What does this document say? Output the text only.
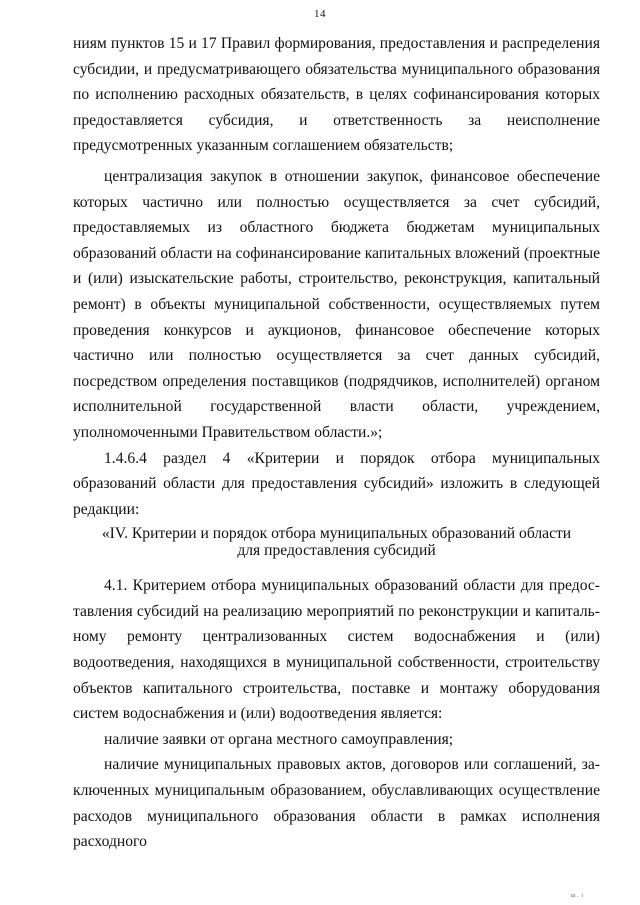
14

ниям пунктов 15 и 17 Правил формирования, предоставления и распределения субсидии, и предусматривающего обязательства муниципального образования по исполнению расходных обязательств, в целях софинансирования которых предоставляется субсидия, и ответственность за неисполнение предусмотренных указанным соглашением обязательств;

централизация закупок в отношении закупок, финансовое обеспечение которых частично или полностью осуществляется за счет субсидий, предоставляемых из областного бюджета бюджетам муниципальных образований области на софинансирование капитальных вложений (проектные и (или) изыскательские работы, строительство, реконструкция, капитальный ремонт) в объекты муниципальной собственности, осуществляемых путем проведения конкурсов и аукционов, финансовое обеспечение которых частично или полностью осуществляется за счет данных субсидий, посредством определения поставщиков (подрядчиков, исполнителей) органом исполнительной государственной власти области, учреждением, уполномоченными Правительством области.»;

1.4.6.4 раздел 4 «Критерии и порядок отбора муниципальных образований области для предоставления субсидий» изложить в следующей редакции:

«IV. Критерии и порядок отбора муниципальных образований области
для предоставления субсидий

4.1. Критерием отбора муниципальных образований области для предоставления субсидий на реализацию мероприятий по реконструкции и капитальному ремонту централизованных систем водоснабжения и (или) водоотведения, находящихся в муниципальной собственности, строительству объектов капитального строительства, поставке и монтажу оборудования систем водоснабжения и (или) водоотведения является:

наличие заявки от органа местного самоуправления;

наличие муниципальных правовых актов, договоров или соглашений, заключенных муниципальным образованием, обуславливающих осуществление расходов муниципального образования области в рамках исполнения расходного

ш. і
